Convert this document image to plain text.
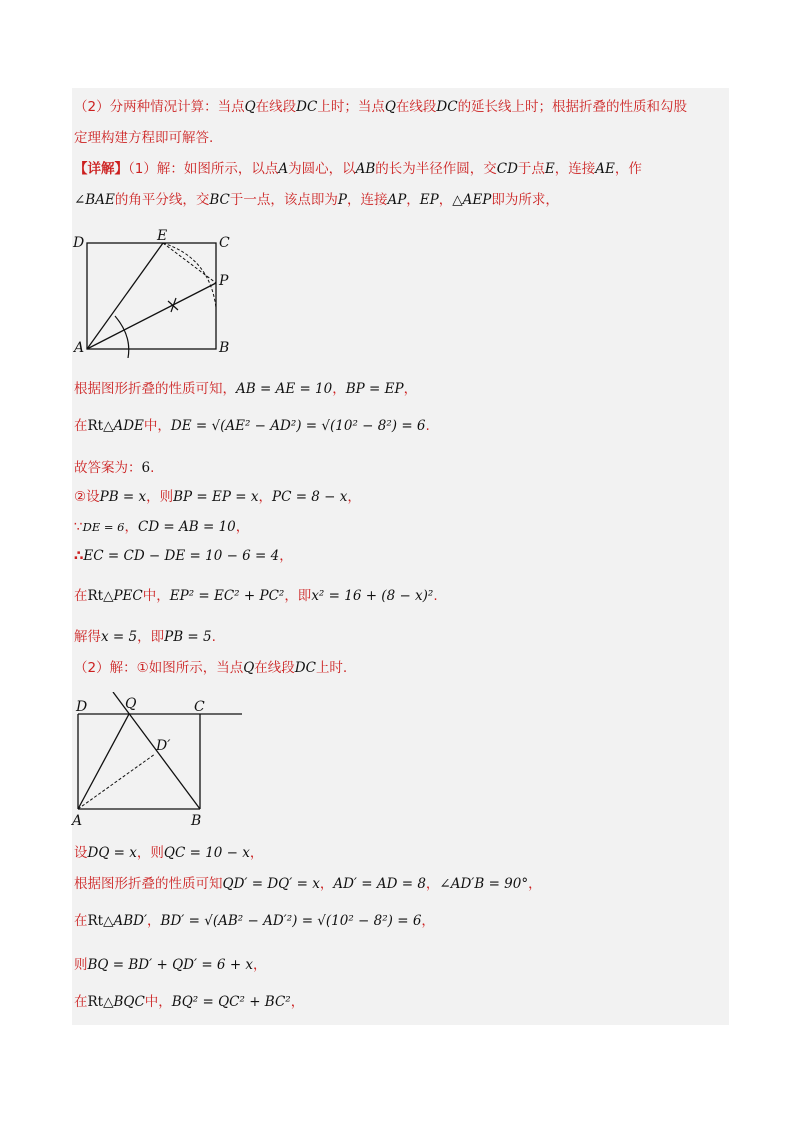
（2）分两种情况计算：当点Q在线段DC上时；当点Q在线段DC的延长线上时；根据折叠的性质和勾股
定理构建方程即可解答.
【详解】（1）解：如图所示，以点A为圆心，以AB的长为半径作圆，交CD于点E，连接AE，作
∠BAE的角平分线，交BC于一点，该点即为P，连接AP，EP，△AEP即为所求，
D	E	C
P
A	B
根据图形折叠的性质可知，AB = AE = 10，BP = EP，
在Rt△ADE中，DE = √(AE² − AD²) = √(10² − 8²) = 6.
故答案为：6.
②设PB = x，则BP = EP = x，PC = 8 − x，
∵DE = 6，CD = AB = 10，
∴EC = CD − DE = 10 − 6 = 4，
在Rt△PEC中，EP² = EC² + PC²，即x² = 16 + (8 − x)².
解得x = 5，即PB = 5.
（2）解：①如图所示，当点Q在线段DC上时.
D	Q	C
D′
A	B
设DQ = x，则QC = 10 − x，
根据图形折叠的性质可知QD′ = DQ′ = x，AD′ = AD = 8，∠AD′B = 90°，
在Rt△ABD′，BD′ = √(AB² − AD′²) = √(10² − 8²) = 6，
则BQ = BD′ + QD′ = 6 + x，
在Rt△BQC中，BQ² = QC² + BC²，
